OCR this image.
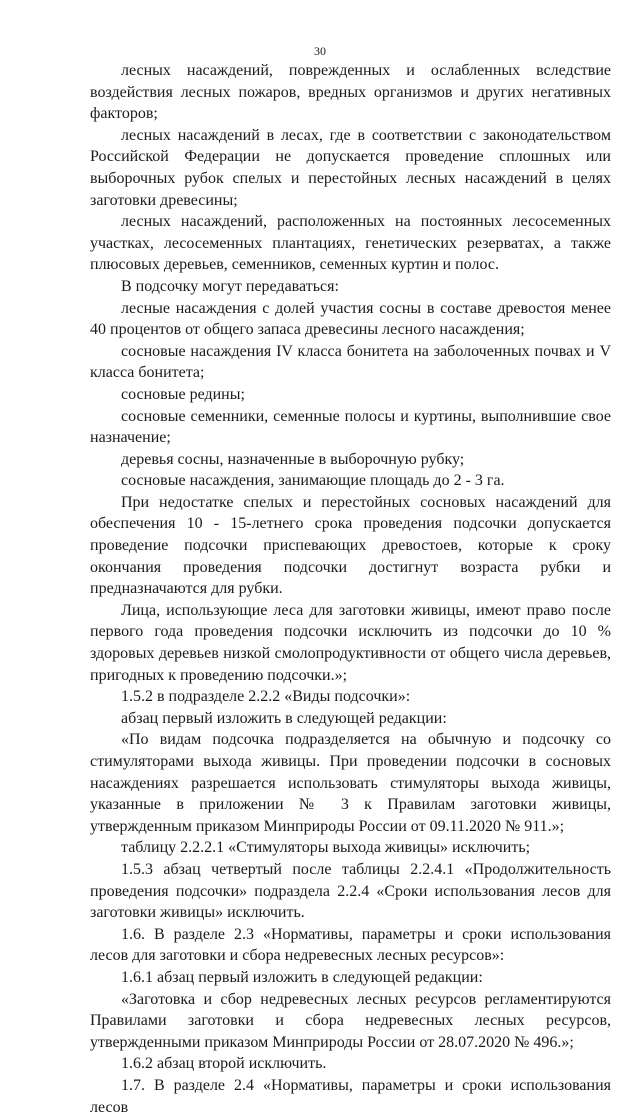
30

лесных насаждений, поврежденных и ослабленных вследствие воздействия лесных пожаров, вредных организмов и других негативных факторов;

лесных насаждений в лесах, где в соответствии с законодательством Российской Федерации не допускается проведение сплошных или выборочных рубок спелых и перестойных лесных насаждений в целях заготовки древесины;

лесных насаждений, расположенных на постоянных лесосеменных участках, лесосеменных плантациях, генетических резерватах, а также плюсовых деревьев, семенников, семенных куртин и полос.

В подсочку могут передаваться:

лесные насаждения с долей участия сосны в составе древостоя менее 40 процентов от общего запаса древесины лесного насаждения;

сосновые насаждения IV класса бонитета на заболоченных почвах и V класса бонитета;

сосновые редины;

сосновые семенники, семенные полосы и куртины, выполнившие свое назначение;

деревья сосны, назначенные в выборочную рубку;

сосновые насаждения, занимающие площадь до 2 - 3 га.

При недостатке спелых и перестойных сосновых насаждений для обеспечения 10 - 15-летнего срока проведения подсочки допускается проведение подсочки приспевающих древостоев, которые к сроку окончания проведения подсочки достигнут возраста рубки и предназначаются для рубки.

Лица, использующие леса для заготовки живицы, имеют право после первого года проведения подсочки исключить из подсочки до 10 % здоровых деревьев низкой смолопродуктивности от общего числа деревьев, пригодных к проведению подсочки.»;

1.5.2 в подразделе 2.2.2 «Виды подсочки»:

абзац первый изложить в следующей редакции:

«По видам подсочка подразделяется на обычную и подсочку со стимуляторами выхода живицы. При проведении подсочки в сосновых насаждениях разрешается использовать стимуляторы выхода живицы, указанные в приложении № 3 к Правилам заготовки живицы, утвержденным приказом Минприроды России от 09.11.2020 № 911.»;

таблицу 2.2.2.1 «Стимуляторы выхода живицы» исключить;

1.5.3 абзац четвертый после таблицы 2.2.4.1 «Продолжительность проведения подсочки» подраздела 2.2.4 «Сроки использования лесов для заготовки живицы» исключить.

1.6. В разделе 2.3 «Нормативы, параметры и сроки использования лесов для заготовки и сбора недревесных лесных ресурсов»:

1.6.1 абзац первый изложить в следующей редакции:

«Заготовка и сбор недревесных лесных ресурсов регламентируются Правилами заготовки и сбора недревесных лесных ресурсов, утвержденными приказом Минприроды России от 28.07.2020 № 496.»;

1.6.2 абзац второй исключить.

1.7. В разделе 2.4 «Нормативы, параметры и сроки использования лесов
